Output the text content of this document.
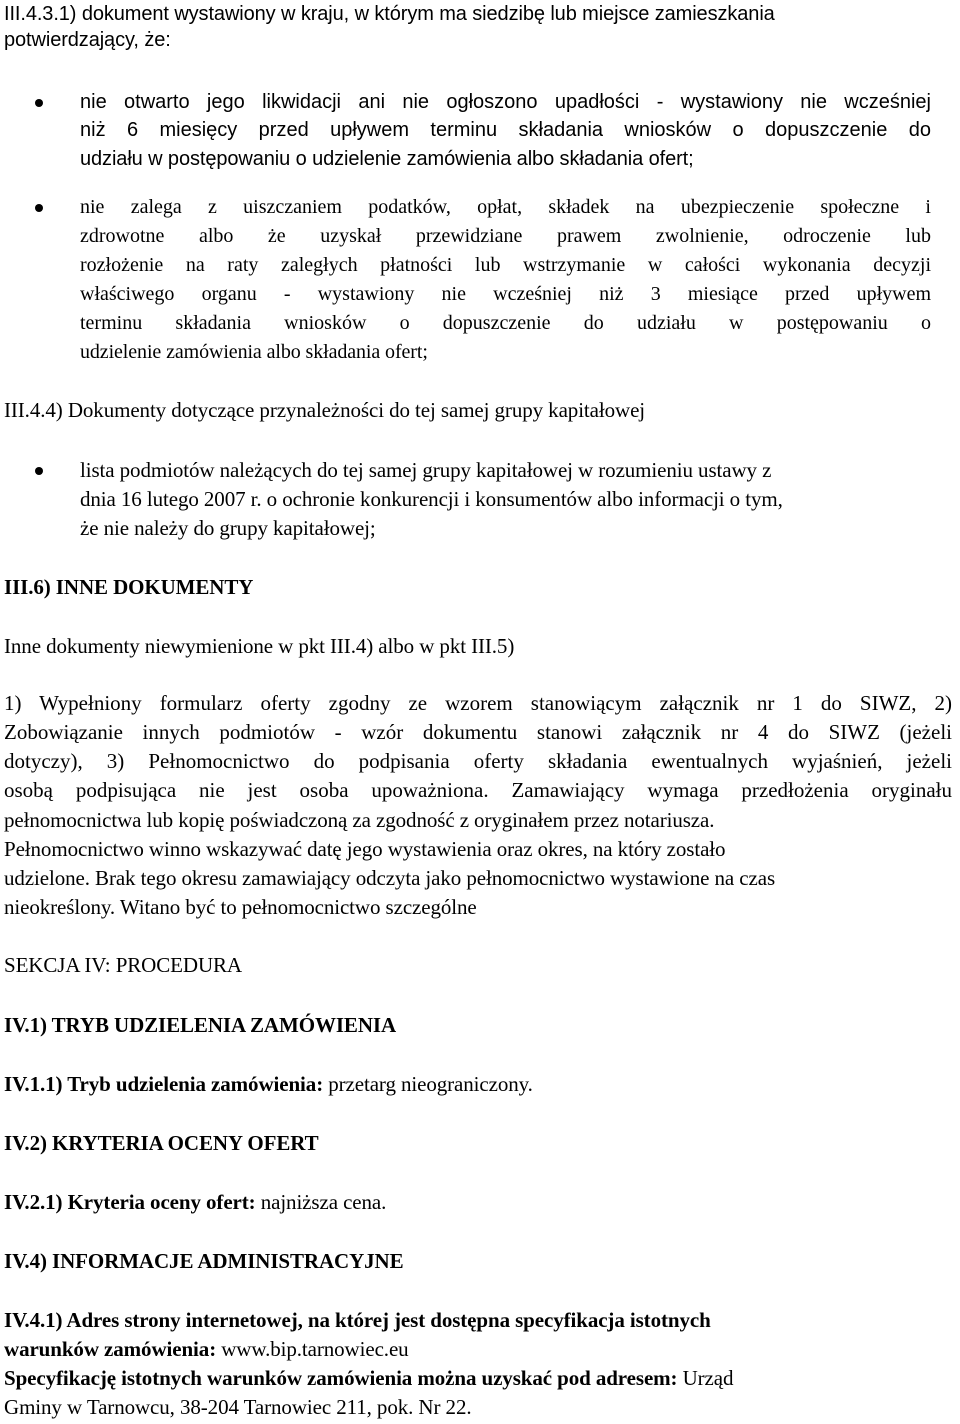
III.4.3.1) dokument wystawiony w kraju, w którym ma siedzibę lub miejsce zamieszkania
potwierdzający, że:
nie otwarto jego likwidacji ani nie ogłoszono upadłości - wystawiony nie wcześniej
niż 6 miesięcy przed upływem terminu składania wniosków o dopuszczenie do
udziału w postępowaniu o udzielenie zamówienia albo składania ofert;
nie zalega z uiszczaniem podatków, opłat, składek na ubezpieczenie społeczne i
zdrowotne albo że uzyskał przewidziane prawem zwolnienie, odroczenie lub
rozłożenie na raty zaległych płatności lub wstrzymanie w całości wykonania decyzji
właściwego organu - wystawiony nie wcześniej niż 3 miesiące przed upływem
terminu składania wniosków o dopuszczenie do udziału w postępowaniu o
udzielenie zamówienia albo składania ofert;
III.4.4) Dokumenty dotyczące przynależności do tej samej grupy kapitałowej
lista podmiotów należących do tej samej grupy kapitałowej w rozumieniu ustawy z
dnia 16 lutego 2007 r. o ochronie konkurencji i konsumentów albo informacji o tym,
że nie należy do grupy kapitałowej;
III.6) INNE DOKUMENTY
Inne dokumenty niewymienione w pkt III.4) albo w pkt III.5)
1) Wypełniony formularz oferty zgodny ze wzorem stanowiącym załącznik nr 1 do SIWZ, 2)
Zobowiązanie innych podmiotów - wzór dokumentu stanowi załącznik nr 4 do SIWZ (jeżeli
dotyczy), 3) Pełnomocnictwo do podpisania oferty składania ewentualnych wyjaśnień, jeżeli
osobą podpisująca nie jest osoba upoważniona. Zamawiający wymaga przedłożenia oryginału
pełnomocnictwa lub kopię poświadczoną za zgodność z oryginałem przez notariusza.
Pełnomocnictwo winno wskazywać datę jego wystawienia oraz okres, na który zostało
udzielone. Brak tego okresu zamawiający odczyta jako pełnomocnictwo wystawione na czas
nieokreślony. Witano być to pełnomocnictwo szczególne
SEKCJA IV: PROCEDURA
IV.1) TRYB UDZIELENIA ZAMÓWIENIA
IV.1.1) Tryb udzielenia zamówienia: przetarg nieograniczony.
IV.2) KRYTERIA OCENY OFERT
IV.2.1) Kryteria oceny ofert: najniższa cena.
IV.4) INFORMACJE ADMINISTRACYJNE
IV.4.1) Adres strony internetowej, na której jest dostępna specyfikacja istotnych
warunków zamówienia: www.bip.tarnowiec.eu
Specyfikację istotnych warunków zamówienia można uzyskać pod adresem: Urząd
Gminy w Tarnowcu, 38-204 Tarnowiec 211, pok. Nr 22.
